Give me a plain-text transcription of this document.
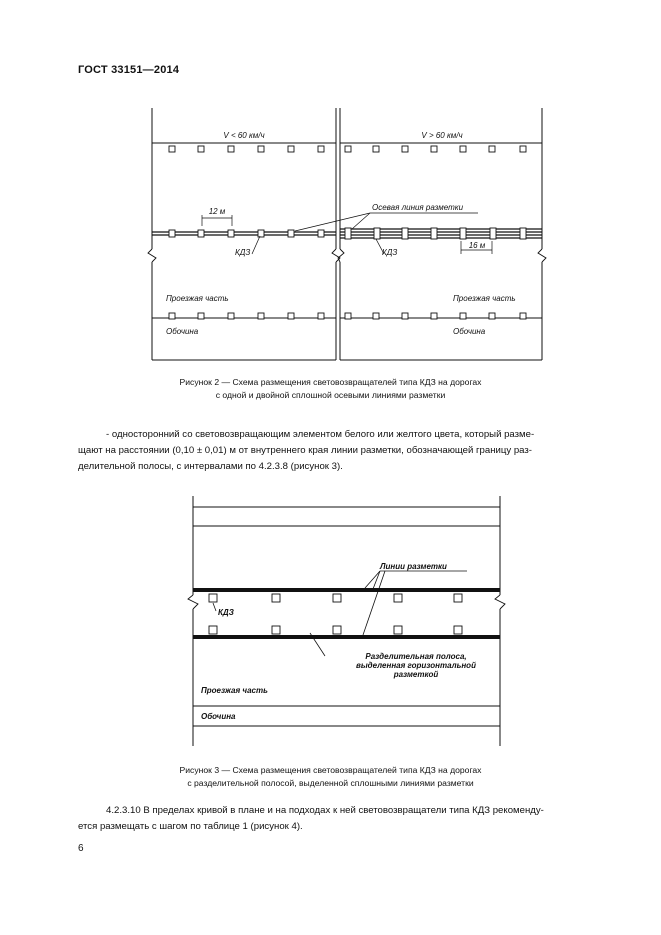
ГОСТ 33151—2014
V < 60 км/ч	V > 60 км/ч
Осевая линия разметки
12 м
16 м
КДЗ	КДЗ
Проезжая часть	Проезжая часть
Обочина	Обочина
Рисунок 2 — Схема размещения световозвращателей типа КДЗ на дорогах
с одной и двойной сплошной осевыми линиями разметки
- односторонний со световозвращающим элементом белого или желтого цвета, который разме-
щают на расстоянии (0,10 ± 0,01) м от внутреннего края линии разметки, обозначающей границу раз-
делительной полосы, с интервалами по 4.2.3.8 (рисунок 3).
Линии разметки
КДЗ
Разделительная полоса,
выделенная горизонтальной
разметкой
Проезжая часть
Обочина
Рисунок 3 — Схема размещения световозвращателей типа КДЗ на дорогах
с разделительной полосой, выделенной сплошными линиями разметки
4.2.3.10 В пределах кривой в плане и на подходах к ней световозвращатели типа КДЗ рекоменду-
ется размещать с шагом по таблице 1 (рисунок 4).
6
